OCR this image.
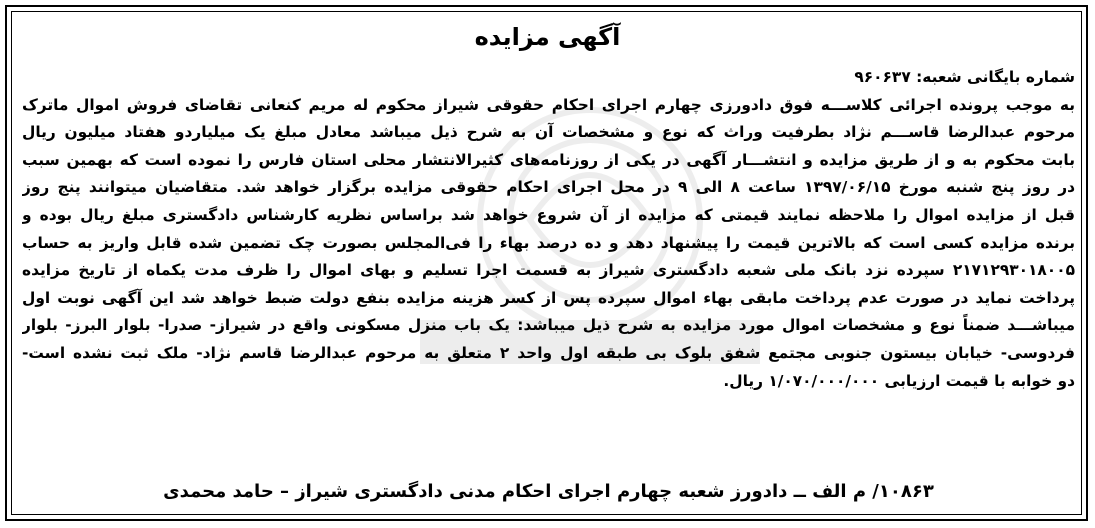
آگهی مزایده
شماره بایگانی شعبه: ۹۶۰۶۳۷
به موجب پرونده اجرائی کلاســـه فوق دادورزی چهارم اجرای احکام حقوقی شیراز محکوم له مریم کنعانی تقاضای فروش اموال ماترک
مرحوم عبدالرضا قاســـم نژاد بطرفیت وراث که نوع و مشخصات آن به شرح ذیل میباشد معادل مبلغ یک میلیاردو هفتاد میلیون ریال
بابت محکوم به و از طریق مزایده و انتشـــار آگهی در یکی از روزنامه‌های کثیرالانتشار محلی استان فارس را نموده است که بهمین سبب
در روز پنج شنبه مورخ ۱۳۹۷/۰۶/۱۵ ساعت ۸ الی ۹ در محل اجرای احکام حقوقی مزایده برگزار خواهد شد. متقاضیان میتوانند پنج روز
قبل از مزایده اموال را ملاحظه نمایند قیمتی که مزایده از آن شروع خواهد شد براساس نظریه کارشناس دادگستری مبلغ ریال بوده و
برنده مزایده کسی است که بالاترین قیمت را پیشنهاد دهد و ده درصد بهاء را فی‌المجلس بصورت چک تضمین شده قابل واریز به حساب
۲۱۷۱۲۹۳۰۱۸۰۰۵ سپرده نزد بانک ملی شعبه دادگستری شیراز به قسمت اجرا تسلیم و بهای اموال را ظرف مدت یکماه از تاریخ مزایده
پرداخت نماید در صورت عدم پرداخت مابقی بهاء اموال سپرده پس از کسر هزینه مزایده بنفع دولت ضبط خواهد شد این آگهی نوبت اول
میباشـــد ضمناً نوع و مشخصات اموال مورد مزایده به شرح ذیل میباشد: یک باب منزل مسکونی واقع در شیراز- صدرا- بلوار البرز- بلوار
فردوسی- خیابان بیستون جنوبی مجتمع شفق بلوک بی طبقه اول واحد ۲ متعلق به مرحوم عبدالرضا قاسم نژاد- ملک ثبت نشده است-
دو خوابه با قیمت ارزیابی ۱/۰۷۰/۰۰۰/۰۰۰ ریال.
۱۰۸۶۳/ م الف ــ دادورز شعبه چهارم اجرای احکام مدنی دادگستری شیراز – حامد محمدی
